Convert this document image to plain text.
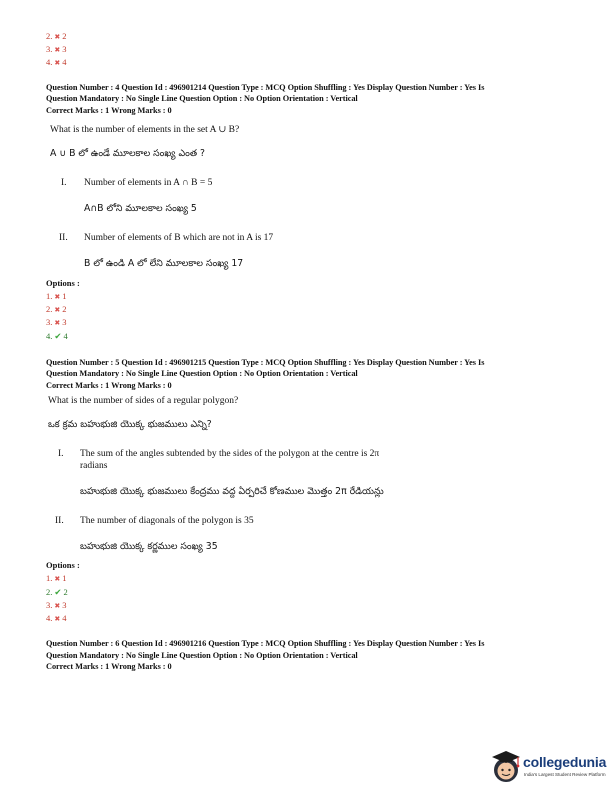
2. ✖ 2
3. ✖ 3
4. ✖ 4
Question Number : 4 Question Id : 496901214 Question Type : MCQ Option Shuffling : Yes Display Question Number : Yes Is
Question Mandatory : No Single Line Question Option : No Option Orientation : Vertical
Correct Marks : 1 Wrong Marks : 0
What is the number of elements in the set A ∪ B?
A ∪ B లో ఉండే మూలకాల సంఖ్య ఎంత ?
I. Number of elements in A ∩ B = 5
A∩B లోని మూలకాల సంఖ్య 5
II. Number of elements of B which are not in A is 17
B లో ఉండి A లో లేని మూలకాల సంఖ్య 17
Options :
1. ✖ 1
2. ✖ 2
3. ✖ 3
4. ✔ 4
Question Number : 5 Question Id : 496901215 Question Type : MCQ Option Shuffling : Yes Display Question Number : Yes Is
Question Mandatory : No Single Line Question Option : No Option Orientation : Vertical
Correct Marks : 1 Wrong Marks : 0
What is the number of sides of a regular polygon?
ఒక క్రమ బహుభుజి యొక్క భుజములు ఎన్ని?
I. The sum of the angles subtended by the sides of the polygon at the centre is 2π
radians
బహుభుజి యొక్క భుజములు కేంద్రము వద్ద ఏర్పరిచే కోణముల మొత్తం 2π రేడియన్లు
II. The number of diagonals of the polygon is 35
బహుభుజి యొక్క కర్ణముల సంఖ్య 35
Options :
1. ✖ 1
2. ✔ 2
3. ✖ 3
4. ✖ 4
Question Number : 6 Question Id : 496901216 Question Type : MCQ Option Shuffling : Yes Display Question Number : Yes Is
Question Mandatory : No Single Line Question Option : No Option Orientation : Vertical
Correct Marks : 1 Wrong Marks : 0
collegedunia
India's Largest Student Review Platform
